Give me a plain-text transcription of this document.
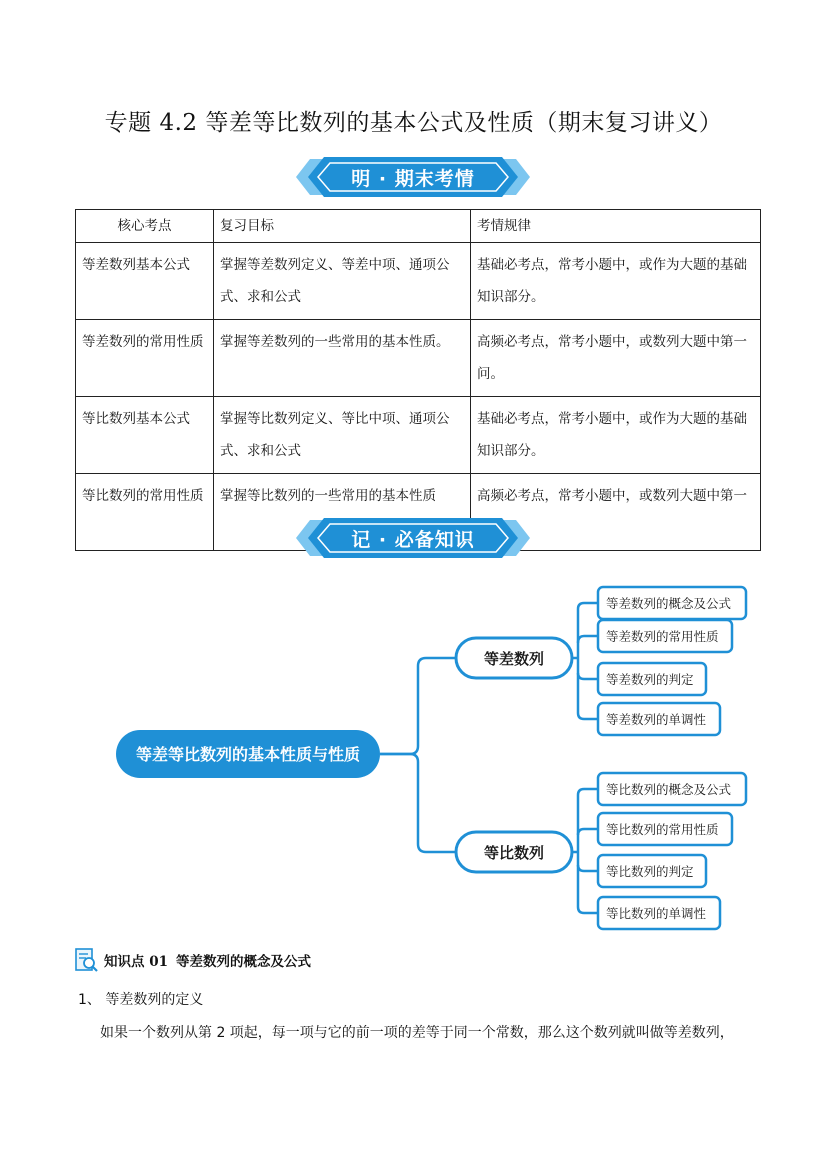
专题 4.2 等差等比数列的基本公式及性质（期末复习讲义）
明 · 期末考情
核心考点	复习目标	考情规律
等差数列基本公式	掌握等差数列定义、等差中项、通项公式、求和公式	基础必考点，常考小题中，或作为大题的基础知识部分。
等差数列的常用性质	掌握等差数列的一些常用的基本性质。	高频必考点，常考小题中，或数列大题中第一问。
等比数列基本公式	掌握等比数列定义、等比中项、通项公式、求和公式	基础必考点，常考小题中，或作为大题的基础知识部分。
等比数列的常用性质	掌握等比数列的一些常用的基本性质	高频必考点，常考小题中，或数列大题中第一
记 · 必备知识
等差等比数列的基本性质与性质
等差数列
等比数列
等差数列的概念及公式
等差数列的常用性质
等差数列的判定
等差数列的单调性
等比数列的概念及公式
等比数列的常用性质
等比数列的判定
等比数列的单调性
知识点 01 等差数列的概念及公式
1、 等差数列的定义
如果一个数列从第 2 项起，每一项与它的前一项的差等于同一个常数，那么这个数列就叫做等差数列，
